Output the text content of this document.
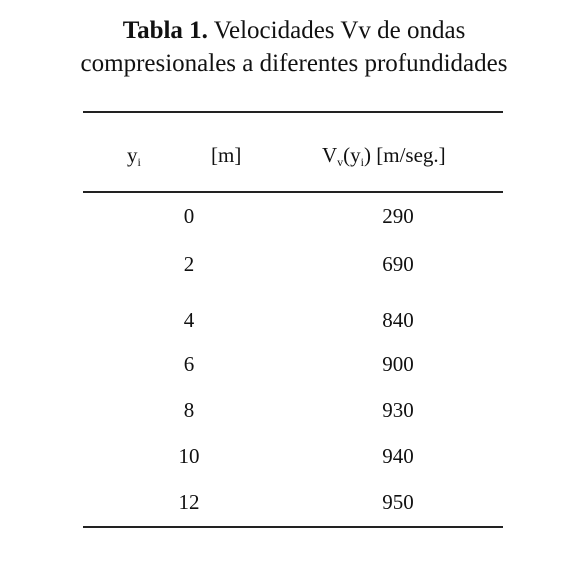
Tabla 1. Velocidades Vv de ondas
compresionales a diferentes profundidades
$y_i$	[m]	$V_v(y_i)$ [m/seg.]
0	290
2	690
4	840
6	900
8	930
10	940
12	950
